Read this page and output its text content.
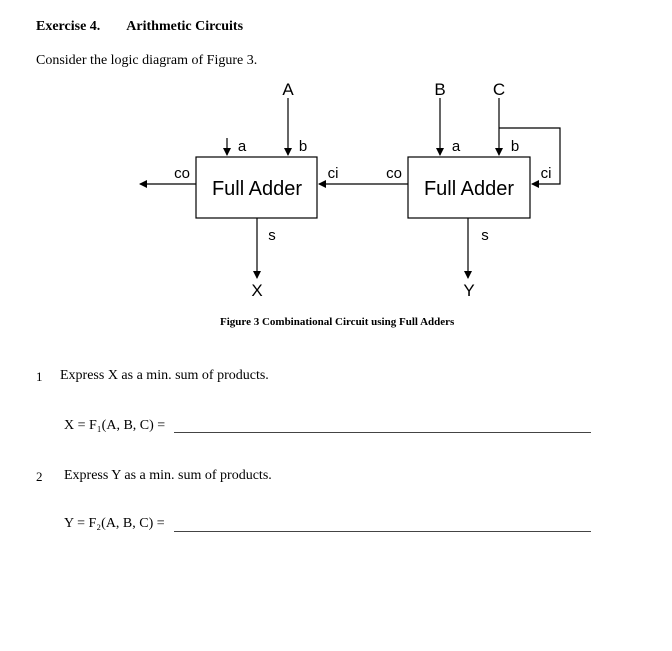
Exercise 4. Arithmetic Circuits
Consider the logic diagram of Figure 3.
A	B	C
a	b
co	ci
Full Adder
s
X
a	b
co	ci
Full Adder
s
Y
Figure 3 Combinational Circuit using Full Adders
1 Express X as a min. sum of products.
X = F₁(A, B, C) =
2 Express Y as a min. sum of products.
Y = F₂(A, B, C) =
